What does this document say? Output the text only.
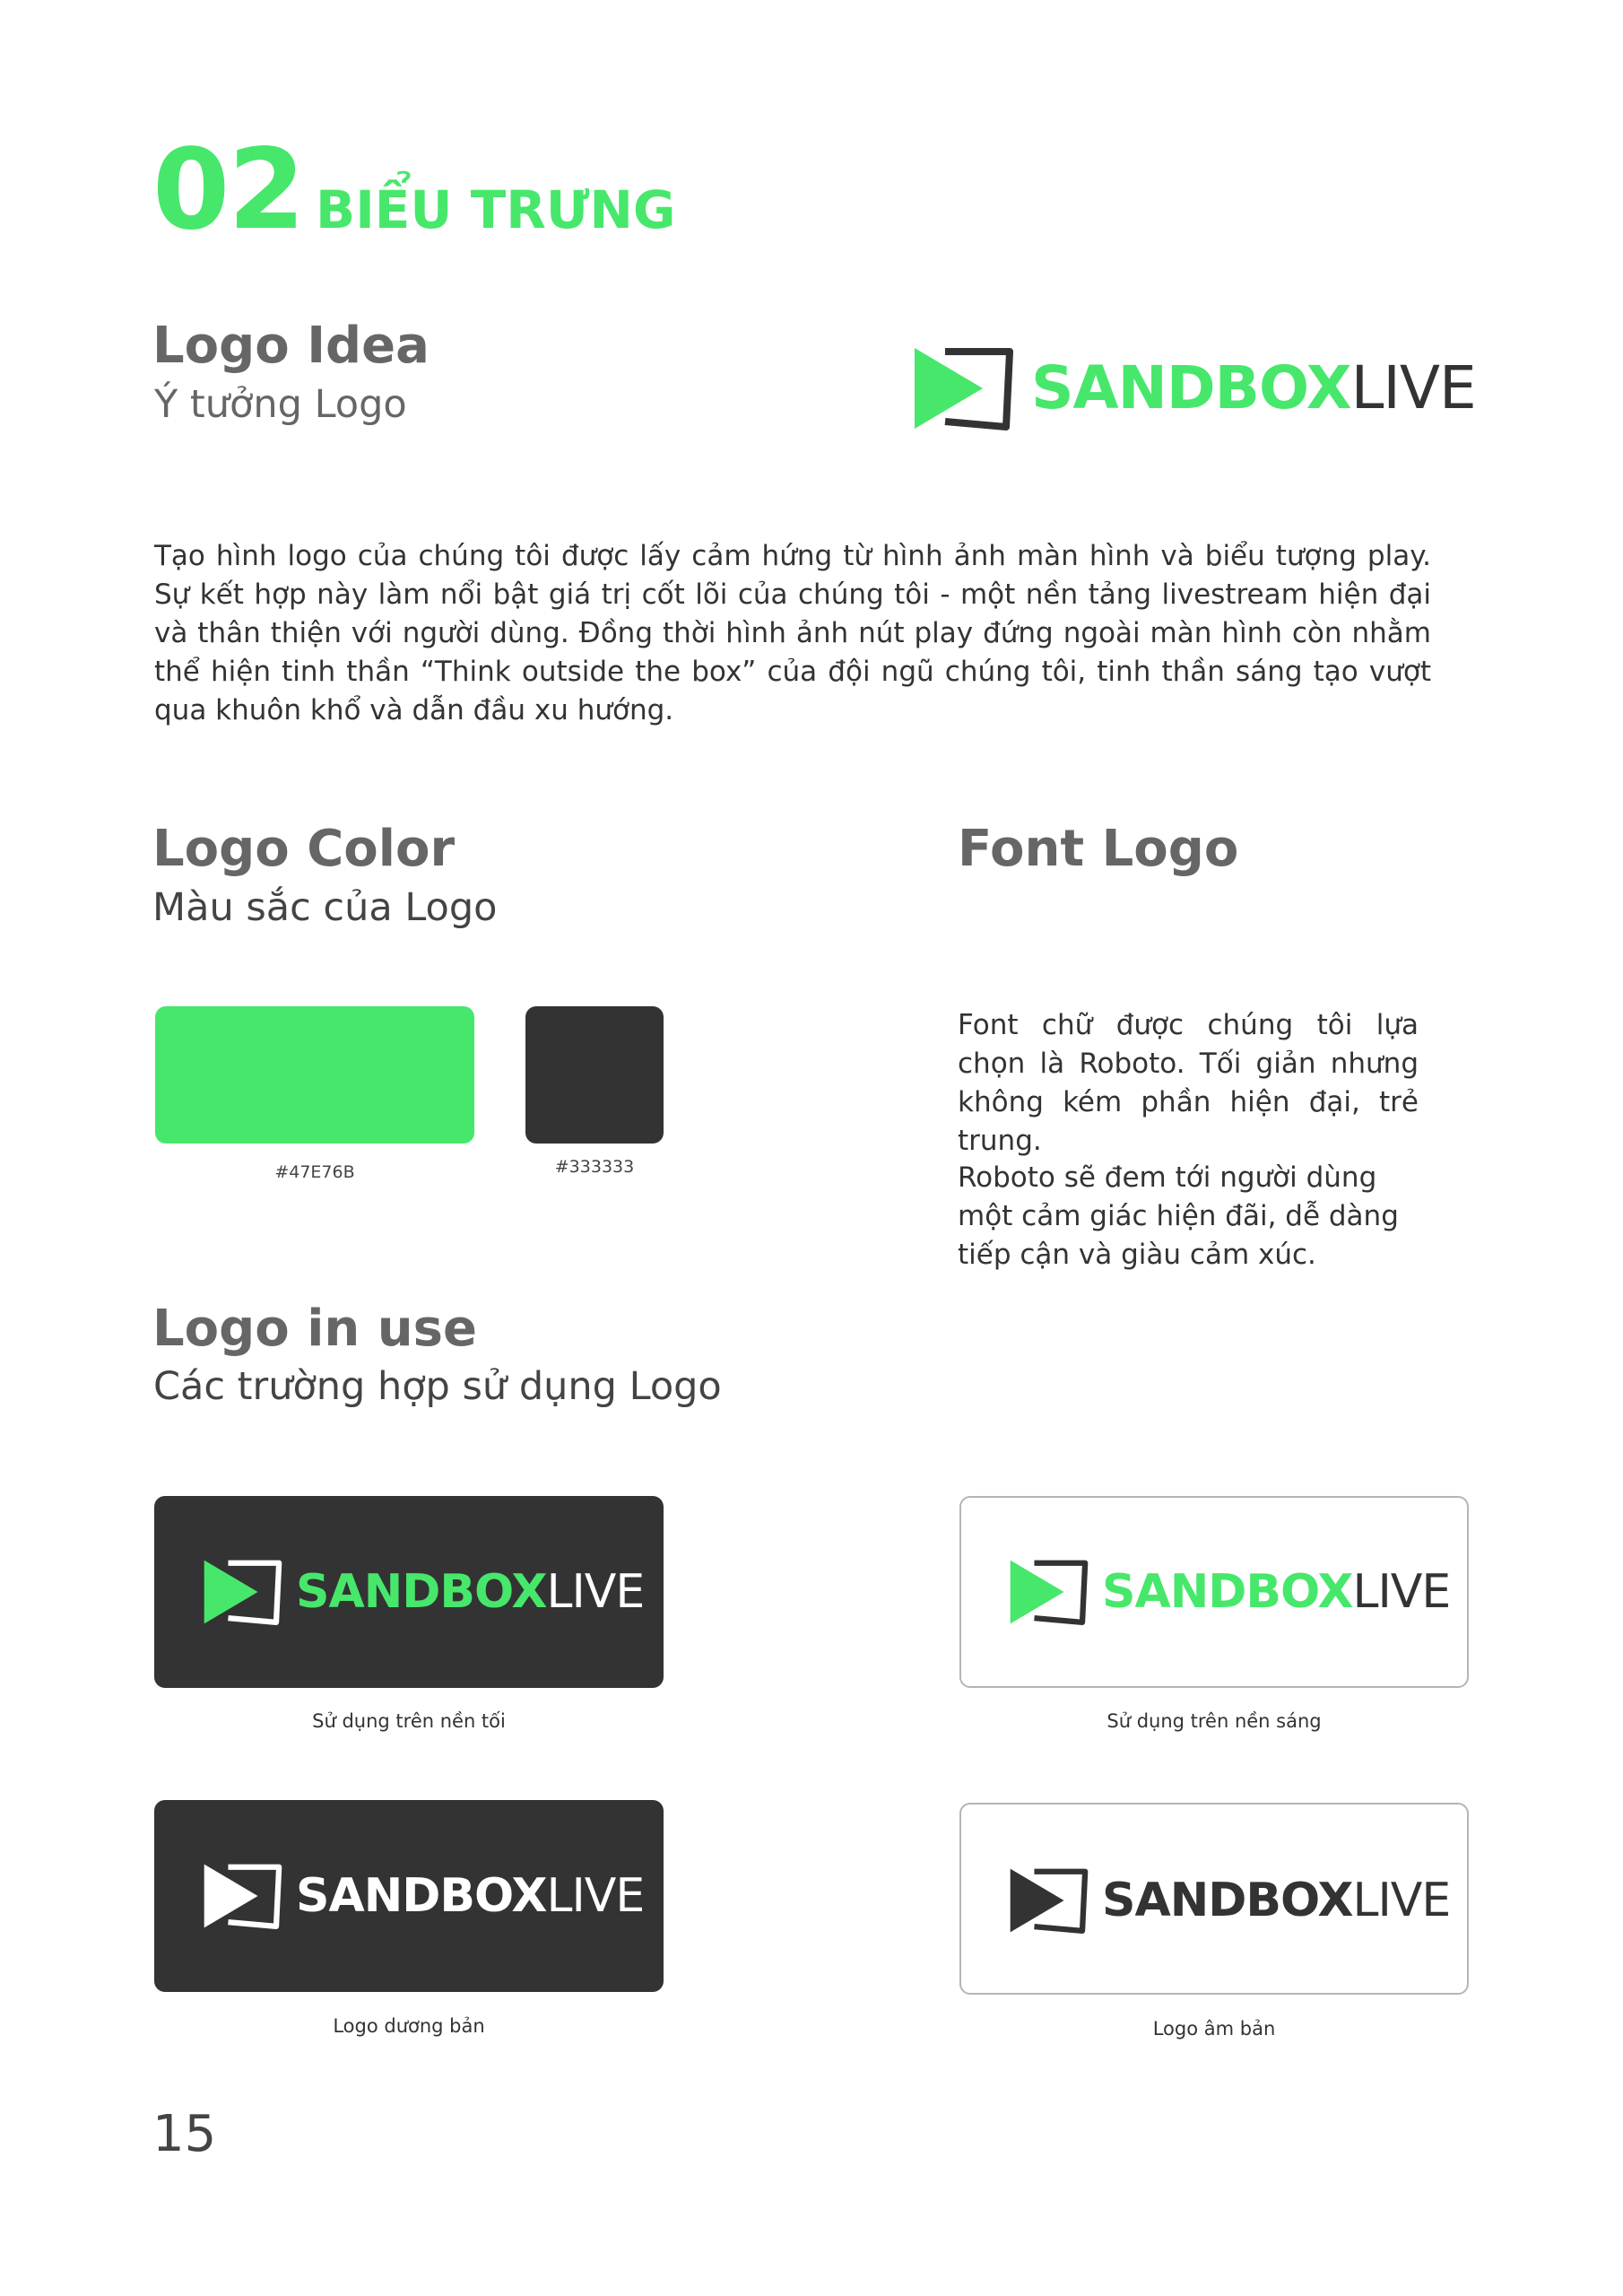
02 BIỂU TRƯNG
Logo Idea
Ý tưởng Logo	SANDBOXLIVE
Tạo hình logo của chúng tôi được lấy cảm hứng từ hình ảnh màn hình và biểu tượng play. Sự kết hợp này làm nổi bật giá trị cốt lõi của chúng tôi - một nền tảng livestream hiện đại và thân thiện với người dùng. Đồng thời hình ảnh nút play đứng ngoài màn hình còn nhằm thể hiện tinh thần “Think outside the box” của đội ngũ chúng tôi, tinh thần sáng tạo vượt qua khuôn khổ và dẫn đầu xu hướng.
Logo Color
Màu sắc của Logo
#47E76B	#333333
Font Logo
Font chữ được chúng tôi lựa chọn là Roboto. Tối giản nhưng không kém phần hiện đại, trẻ trung.
Roboto sẽ đem tới người dùng một cảm giác hiện đãi, dễ dàng tiếp cận và giàu cảm xúc.
Logo in use
Các trường hợp sử dụng Logo
SANDBOXLIVE
Sử dụng trên nền tối
SANDBOXLIVE
Sử dụng trên nền sáng
SANDBOXLIVE
Logo dương bản
SANDBOXLIVE
Logo âm bản
15
